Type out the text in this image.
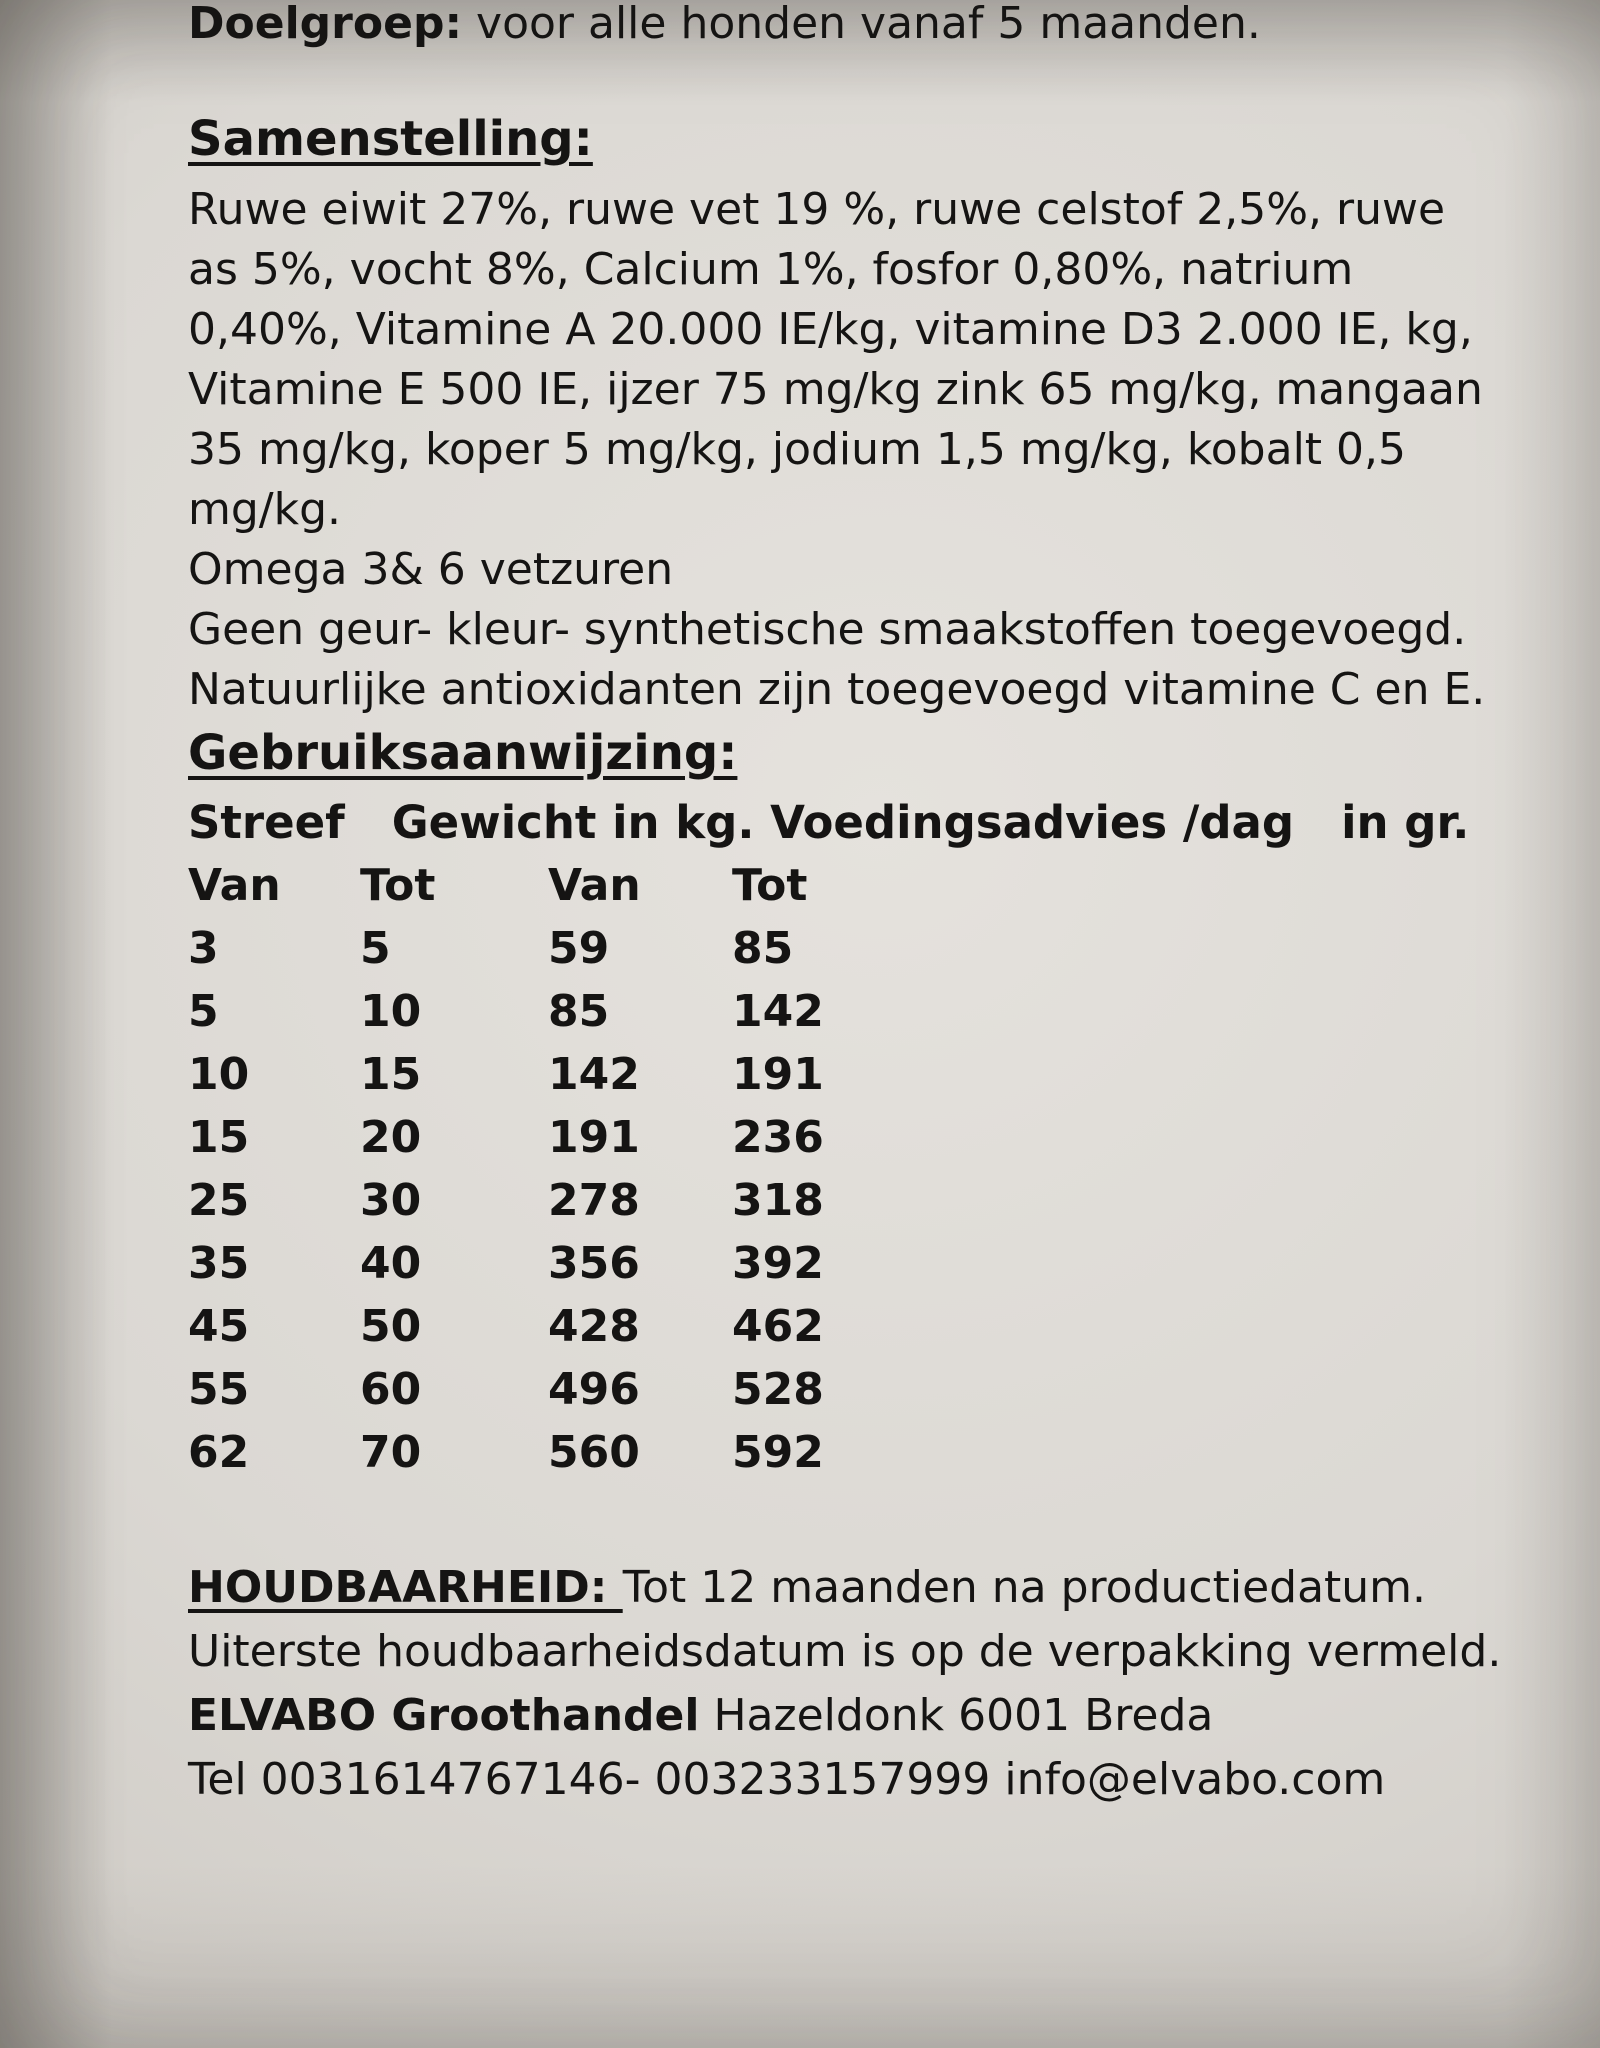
Doelgroep: voor alle honden vanaf 5 maanden.
Samenstelling:
Ruwe eiwit 27%, ruwe vet 19 %, ruwe celstof 2,5%, ruwe
as 5%, vocht 8%, Calcium 1%, fosfor 0,80%, natrium
0,40%, Vitamine A 20.000 IE/kg, vitamine D3 2.000 IE, kg,
Vitamine E 500 IE, ijzer 75 mg/kg zink 65 mg/kg, mangaan
35 mg/kg, koper 5 mg/kg, jodium 1,5 mg/kg, kobalt 0,5
mg/kg.
Omega 3& 6 vetzuren
Geen geur- kleur- synthetische smaakstoffen toegevoegd.
Natuurlijke antioxidanten zijn toegevoegd vitamine C en E.
Gebruiksaanwijzing:
Streef   Gewicht in kg. Voedingsadvies /dag   in gr.
Van	Tot	Van	Tot
3	5	59	85
5	10	85	142
10	15	142	191
15	20	191	236
25	30	278	318
35	40	356	392
45	50	428	462
55	60	496	528
62	70	560	592
HOUDBAARHEID: Tot 12 maanden na productiedatum.
Uiterste houdbaarheidsdatum is op de verpakking vermeld.
ELVABO Groothandel Hazeldonk 6001 Breda
Tel 0031614767146- 003233157999 info@elvabo.com
